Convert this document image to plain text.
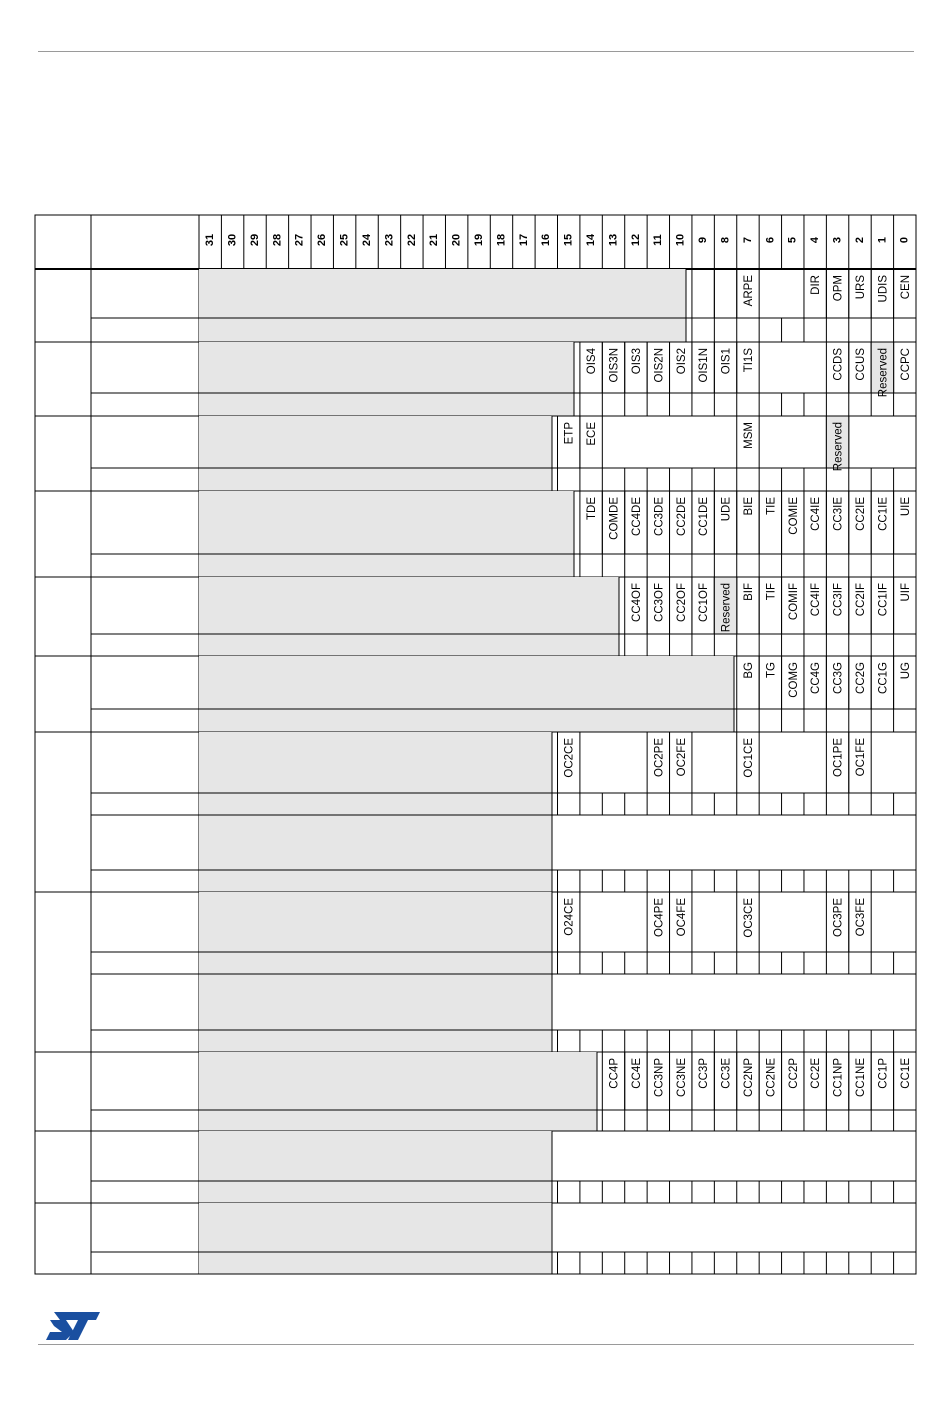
31 30 29 28 27 26 25 24 23 22 21 20 19 18 17 16 15 14 13 12 11 10 9 8 7 6 5 4 3 2 1 0
CEN
UDIS
URS
OPM
DIR
ARPE
CCPC
Reserved
CCUS
CCDS
TI1S
OIS1
OIS1N
OIS2
OIS2N
OIS3
OIS3N
OIS4
Reserved
MSM
ECE
ETP
UIE
CC1IE
CC2IE
CC3IE
CC4IE
COMIE
TIE
BIE
UDE
CC1DE
CC2DE
CC3DE
CC4DE
COMDE
TDE
UIF
CC1IF
CC2IF
CC3IF
CC4IF
COMIF
TIF
BIF
Reserved
CC1OF
CC2OF
CC3OF
CC4OF
UG
CC1G
CC2G
CC3G
CC4G
COMG
TG
BG
OC1FE
OC1PE
OC1CE
OC2FE
OC2PE
OC2CE
OC3FE
OC3PE
OC3CE
OC4FE
OC4PE
O24CE
CC1E
CC1P
CC1NE
CC1NP
CC2E
CC2P
CC2NE
CC2NP
CC3E
CC3P
CC3NE
CC3NP
CC4E
CC4P
